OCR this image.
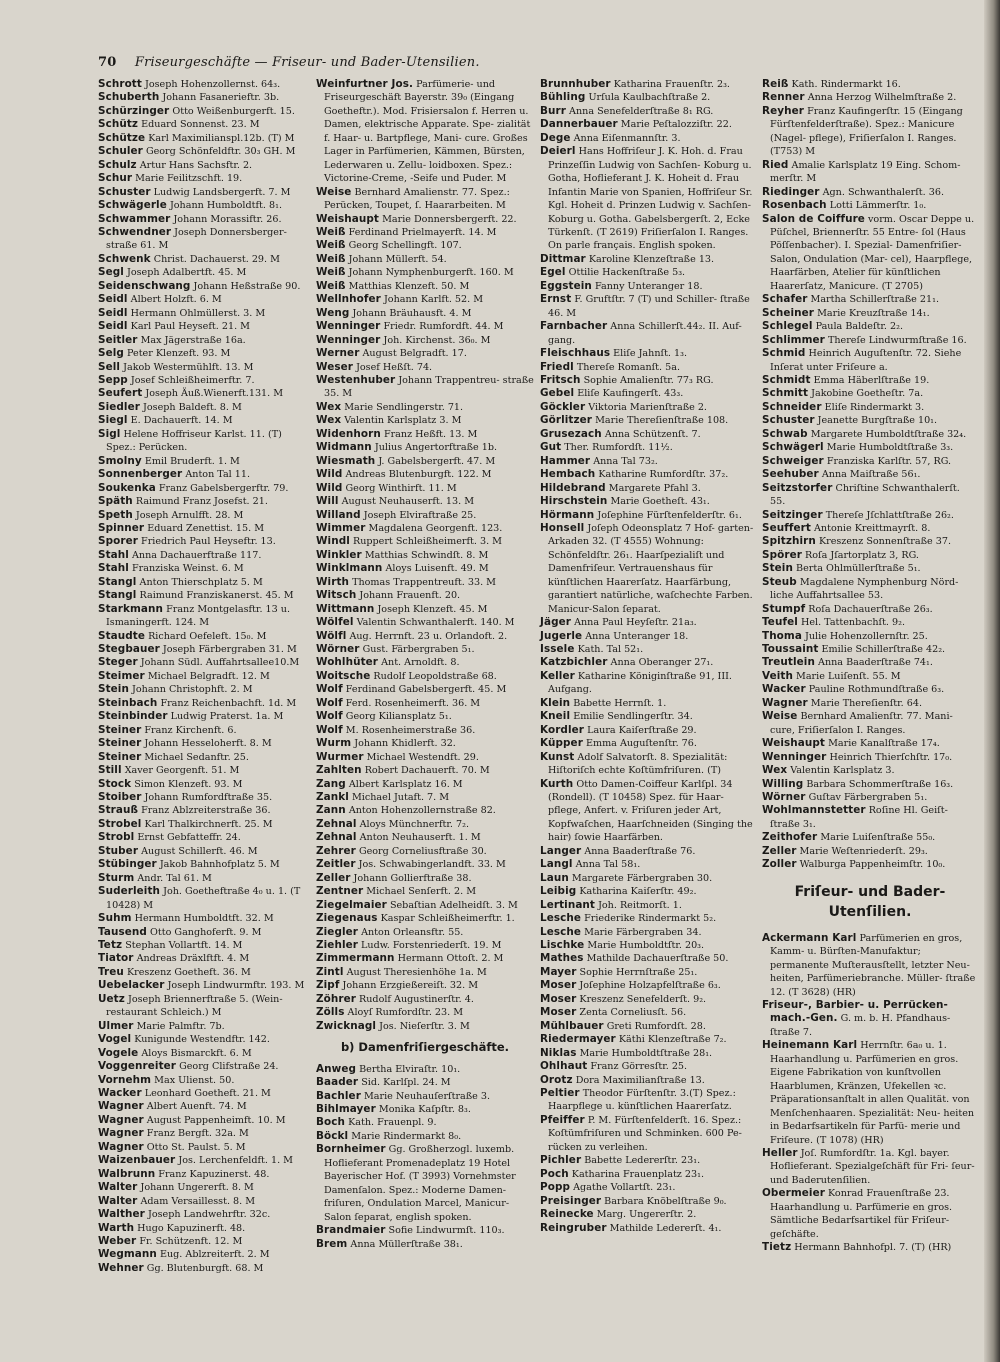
70 Friseurgeschäfte — Friseur- und Bader-Utensilien.

Schrott Joseph Hohenzollernst. 64₃.

Schuberth Johann Fasanerieftr. 3b.

Schürzinger Otto Weißenburgerft. 15.

Schütz Eduard Sonnenst. 23. M

Schütze Karl Maximilianspl.12b. (T) M

Schuler Georg Schönfeldftr. 30₃ GH. M

Schulz Artur Hans Sachsftr. 2.

Schur Marie Feilitzschft. 19.

Schuster Ludwig Landsbergerft. 7. M

Schwägerle Johann Humboldtft. 8₁.

Schwammer Johann Morassiftr. 26.

Schwendner Joseph Donnersberger- straße 61. M

Schwenk Christ. Dachauerst. 29. M

Segl Joseph Adalbertft. 45. M

Seidenschwang Johann Heßstraße 90.

Seidl Albert Holzft. 6. M

Seidl Hermann Ohlmüllerst. 3. M

Seidl Karl Paul Heyseft. 21. M

Seitler Max Jägerstraße 16a.

Selg Peter Klenzeft. 93. M

Sell Jakob Westermühlft. 13. M

Sepp Josef Schleißheimerftr. 7.

Seufert Joseph Äuß.Wienerft.131. M

Siedler Joseph Baldeft. 8. M

Siegl E. Dachauerft. 14. M

Sigl Helene Hoffriseur Karlst. 11. (T) Spez.: Perücken.

Smolny Emil Bruderft. 1. M

Sonnenberger Anton Tal 11.

Soukenka Franz Gabelsbergerftr. 79.

Späth Raimund Franz Josefst. 21.

Speth Joseph Arnulfft. 28. M

Spinner Eduard Zenettist. 15. M

Sporer Friedrich Paul Heyseftr. 13.

Stahl Anna Dachauerftraße 117.

Stahl Franziska Weinst. 6. M

Stangl Anton Thierschplatz 5. M

Stangl Raimund Franziskanerst. 45. M

Starkmann Franz Montgelasftr. 13 u. Ismaningerft. 124. M

Staudte Richard Oefeleft. 15₀. M

Stegbauer Joseph Färbergraben 31. M

Steger Johann Südl. Auffahrtsallee10.M

Steimer Michael Belgradft. 12. M

Stein Johann Christophft. 2. M

Steinbach Franz Reichenbachft. 1d. M

Steinbinder Ludwig Praterst. 1a. M

Steiner Franz Kirchenft. 6.

Steiner Johann Hesseloherft. 8. M

Steiner Michael Sedanftr. 25.

Still Xaver Georgenft. 51. M

Stock Simon Klenzeft. 93. M

Stoiber Johann Rumfordftraße 35.

Strauß Franz Ablzreiterstraße 36.

Strobel Karl Thalkirchnerft. 25. M

Strobl Ernst Gebfatteffr. 24.

Stuber August Schillerft. 46. M

Stübinger Jakob Bahnhofplatz 5. M

Sturm Andr. Tal 61. M

Suderleith Joh. Goetheftraße 4₀ u. 1. (T 10428) M

Suhm Hermann Humboldtft. 32. M

Tausend Otto Ganghoferft. 9. M

Tetz Stephan Vollartft. 14. M

Tiator Andreas Dräxlftft. 4. M

Treu Kreszenz Goetheft. 36. M

Uebelacker Joseph Lindwurmftr. 193. M

Uetz Joseph Briennerftraße 5. (Wein- restaurant Schleich.) M

Ulmer Marie Palmftr. 7b.

Vogel Kunigunde Westendftr. 142.

Vogele Aloys Bismarckft. 6. M

Voggenreiter Georg Clifstraße 24.

Vornehm Max Ulienst. 50.

Wacker Leonhard Goetheft. 21. M

Wagner Albert Auenft. 74. M

Wagner August Pappenheimft. 10. M

Wagner Franz Bergft. 32a. M

Wagner Otto St. Paulst. 5. M

Waizenbauer Jos. Lerchenfeldft. 1. M

Walbrunn Franz Kapuzinerst. 48.

Walter Johann Ungererft. 8. M

Walter Adam Versaillesst. 8. M

Walther Joseph Landwehrftr. 32c.

Warth Hugo Kapuzinerft. 48.

Weber Fr. Schützenft. 12. M

Wegmann Eug. Ablzreiterft. 2. M

Wehner Gg. Blutenburgft. 68. M

Weinfurtner Jos. Parfümerie- und Friseurgeschäft Bayerstr. 39₀ (Eingang Goetheftr.). Mod. Frisiersalon f. Herren u. Damen, elektrische Apparate. Spe- zialität f. Haar- u. Bartpflege, Mani- cure. Großes Lager in Parfümerien, Kämmen, Bürsten, Lederwaren u. Zellu- loidboxen. Spez.: Victorine-Creme, -Seife und Puder. M

Weise Bernhard Amalienstr. 77. Spez.: Perücken, Toupet, ſ. Haararbeiten. M

Weishaupt Marie Donnersbergerft. 22.

Weiß Ferdinand Prielmayerft. 14. M

Weiß Georg Schellingft. 107.

Weiß Johann Müllerft. 54.

Weiß Johann Nymphenburgerft. 160. M

Weiß Matthias Klenzeft. 50. M

Wellnhofer Johann Karlft. 52. M

Weng Johann Bräuhausft. 4. M

Wenninger Friedr. Rumfordft. 44. M

Wenninger Joh. Kirchenst. 36₀. M

Werner August Belgradft. 17.

Weser Josef Heßſt. 74.

Westenhuber Johann Trappentreu- straße 35. M

Wex Marie Sendlingerstr. 71.

Wex Valentin Karlsplatz 3. M

Widenhorn Franz Heßft. 13. M

Widmann Julius Angertorftraße 1b.

Wiesmath J. Gabelsbergerft. 47. M

Wild Andreas Blutenburgft. 122. M

Wild Georg Winthirft. 11. M

Will August Neuhauserft. 13. M

Willand Joseph Elviraftraße 25.

Wimmer Magdalena Georgenft. 123.

Windl Ruppert Schleißheimerft. 3. M

Winkler Matthias Schwindſt. 8. M

Winklmann Aloys Luisenft. 49. M

Wirth Thomas Trappentreuft. 33. M

Witsch Johann Frauenft. 20.

Wittmann Joseph Klenzeft. 45. M

Wölfel Valentin Schwanthalerft. 140. M

Wölfl Aug. Herrnft. 23 u. Orlandoft. 2.

Wörner Gust. Färbergraben 5₁.

Wohlhüter Ant. Arnoldft. 8.

Woitsche Rudolf Leopoldstraße 68.

Wolf Ferdinand Gabelsbergerft. 45. M

Wolf Ferd. Rosenheimerft. 36. M

Wolf Georg Kiliansplatz 5₁.

Wolf M. Rosenheimerstraße 36.

Wurm Johann Khidlerft. 32.

Wurmer Michael Westendft. 29.

Zahlten Robert Dachauerft. 70. M

Zang Albert Karlsplatz 16. M

Zankl Michael Jutaft. 7. M

Zann Anton Hohenzollernstraße 82.

Zehnal Aloys Münchnerftr. 7₂.

Zehnal Anton Neuhauserft. 1. M

Zehrer Georg Corneliusftraße 30.

Zeitler Jos. Schwabingerlandft. 33. M

Zeller Johann Gollierftraße 38.

Zentner Michael Senſerft. 2. M

Ziegelmaier Sebaſtian Adelheidſt. 3. M

Ziegenaus Kaspar Schleißheimerftr. 1.

Ziegler Anton Orleansftr. 55.

Ziehler Ludw. Forstenriederſt. 19. M

Zimmermann Hermann Ottoſt. 2. M

Zintl August Theresienhöhe 1a. M

Zipf Johann Erzgießereiſt. 32. M

Zöhrer Rudolf Augustinerſtr. 4.

Zölls Aloyſ Rumfordſtr. 23. M

Zwicknagl Jos. Nieſerſtr. 3. M

b) Damenfriſiergeschäfte.

Anweg Bertha Elviraſtr. 10₁.

Baader Sid. Karlſpl. 24. M

Bachler Marie Neuhauſerſtraße 3.

Bihlmayer Monika Kaſpſtr. 8₃.

Boch Kath. Frauenpl. 9.

Böckl Marie Rindermarkt 8₀.

Bornheimer Gg. Großherzogl. luxemb. Hoflieferant Promenadeplatz 19 Hotel Bayerischer Hof. (T 3993) Vornehmster Damenſalon. Spez.: Moderne Damen- friſuren, Ondulation Marcel, Manicur- Salon ſeparat, english spoken.

Brandmaier Sofie Lindwurmſt. 110₃.

Brem Anna Müllerſtraße 38₁.

Brunnhuber Katharina Frauenſtr. 2₃.

Bühling Urſula Kaulbachſtraße 2.

Burr Anna Senefelderſtraße 8₁ RG.

Dannerbauer Marie Peſtalozziſtr. 22.

Dege Anna Eiſenmannſtr. 3.

Deierl Hans Hoffriſeur J. K. Hoh. d. Frau Prinzeſſin Ludwig von Sachſen- Koburg u. Gotha, Hoflieferant J. K. Hoheit d. Frau Infantin Marie von Spanien, Hoffriſeur Sr. Kgl. Hoheit d. Prinzen Ludwig v. Sachſen-Koburg u. Gotha. Gabelsbergerſt. 2, Ecke Türkenſt. (T 2619) Friſierſalon I. Ranges. On parle français. English spoken.

Dittmar Karoline Klenzeſtraße 13.

Egel Ottilie Hackenſtraße 5₃.

Eggstein Fanny Unteranger 18.

Ernst F. Gruftſtr. 7 (T) und Schiller- ſtraße 46. M

Farnbacher Anna Schillerſt.44₂. II. Auf- gang.

Fleischhaus Eliſe Jahnſt. 1₃.

Friedl Thereſe Romanſt. 5a.

Fritsch Sophie Amalienſtr. 77₃ RG.

Gebel Eliſe Kaufingerſt. 43₃.

Göckler Viktoria Marienſtraße 2.

Görlitzer Marie Thereſienſtraße 108.

Grusezach Anna Schützenſt. 7.

Gut Ther. Rumfordſt. 11½.

Hammer Anna Tal 73₂.

Hembach Katharine Rumfordſtr. 37₂.

Hildebrand Margarete Pfahl 3.

Hirschstein Marie Goetheſt. 43₁.

Hörmann Joſephine Fürſtenfelderſtr. 6₁.

Honsell Joſeph Odeonsplatz 7 Hof- garten-Arkaden 32. (T 4555) Wohnung: Schönfeldſtr. 26₁. Haarſpezialiſt und Damenfriſeur. Vertrauenshaus für künſtlichen Haarerſatz. Haarfärbung, garantiert natürliche, waſchechte Farben. Manicur-Salon ſeparat.

Jäger Anna Paul Heyſeſtr. 21a₃.

Jugerle Anna Unteranger 18.

Issele Kath. Tal 52₁.

Katzbichler Anna Oberanger 27₁.

Keller Katharine Königinſtraße 91, III. Aufgang.

Klein Babette Herrnſt. 1.

Kneil Emilie Sendlingerſtr. 34.

Kordler Laura Kaiſerſtraße 29.

Küpper Emma Auguſtenſtr. 76.

Kunst Adolf Salvatorſt. 8. Spezialität: Hiſtoriſch echte Koſtümfriſuren. (T)

Kurth Otto Damen-Coiffeur Karlſpl. 34 (Rondell). (T 10458) Spez. für Haar- pflege, Anfert. v. Friſuren jeder Art, Kopfwaſchen, Haarſchneiden (Singing the hair) ſowie Haarfärben.

Langer Anna Baaderſtraße 76.

Langl Anna Tal 58₁.

Laun Margarete Färbergraben 30.

Leibig Katharina Kaiſerſtr. 49₂.

Lertinant Joh. Reitmorſt. 1.

Lesche Friederike Rindermarkt 5₂.

Lesche Marie Färbergraben 34.

Lischke Marie Humboldtſtr. 20₃.

Mathes Mathilde Dachauerſtraße 50.

Mayer Sophie Herrnſtraße 25₁.

Moser Joſephine Holzapfelſtraße 6₃.

Moser Kreszenz Senefelderſt. 9₂.

Moser Zenta Corneliusſt. 56.

Mühlbauer Greti Rumfordſt. 28.

Riedermayer Käthi Klenzeſtraße 7₂.

Niklas Marie Humboldtſtraße 28₁.

Ohlhaut Franz Görresſtr. 25.

Orotz Dora Maximilianſtraße 13.

Peltier Theodor Fürſtenſtr. 3.(T) Spez.: Haarpflege u. künſtlichen Haarerſatz.

Pfeiffer P. M. Fürſtenfelderſt. 16. Spez.: Koſtümfriſuren und Schminken. 600 Pe- rücken zu verleihen.

Pichler Babette Ledererſtr. 23₁.

Poch Katharina Frauenplatz 23₁.

Popp Agathe Vollartſt. 23₁.

Preisinger Barbara Knöbelſtraße 9₀.

Reinecke Marg. Ungererſtr. 2.

Reingruber Mathilde Ledererſt. 4₁.

Reiß Kath. Rindermarkt 16.

Renner Anna Herzog Wilhelmſtraße 2.

Reyher Franz Kaufingerſtr. 15 (Eingang Fürſtenfelderſtraße). Spez.: Manicure (Nagel- pflege), Friſierſalon I. Ranges.(T753) M

Ried Amalie Karlsplatz 19 Eing. Schom- merſtr. M

Riedinger Agn. Schwanthalerſt. 36.

Rosenbach Lotti Lämmerſtr. 1₀.

Salon de Coiffure vorm. Oscar Deppe u. Püſchel, Briennerſtr. 55 Entre- ſol (Haus Pöſſenbacher). I. Spezial- Damenfriſier-Salon, Ondulation (Mar- cel), Haarpflege, Haarfärben, Atelier für künſtlichen Haarerſatz, Manicure. (T 2705)

Schafer Martha Schillerſtraße 21₁.

Scheiner Marie Kreuzſtraße 14₁.

Schlegel Paula Baldeſtr. 2₂.

Schlimmer Thereſe Lindwurmſtraße 16.

Schmid Heinrich Auguſtenſtr. 72. Siehe Inſerat unter Friſeure a.

Schmidt Emma Häberlſtraße 19.

Schmitt Jakobine Goetheſtr. 7a.

Schneider Eliſe Rindermarkt 3.

Schuster Jeanette Burgſtraße 10₁.

Schwab Margarete Humboldtſtraße 32₄.

Schwägerl Marie Humboldtſtraße 3₃.

Schweiger Franziska Karlſtr. 57, RG.

Seehuber Anna Maiſtraße 56₁.

Seitzstorfer Chriſtine Schwanthalerſt. 55.

Seitzinger Thereſe Jſchlattſtraße 26₂.

Seuffert Antonie Kreittmayrſt. 8.

Spitzhirn Kreszenz Sonnenſtraße 37.

Spörer Roſa Jſartorplatz 3, RG.

Stein Berta Ohlmüllerſtraße 5₁.

Steub Magdalene Nymphenburg Nörd- liche Auffahrtsallee 53.

Stumpf Roſa Dachauerſtraße 26₃.

Teufel Hel. Tattenbachſt. 9₂.

Thoma Julie Hohenzollernſtr. 25.

Toussaint Emilie Schillerſtraße 42₂.

Treutlein Anna Baaderſtraße 74₁.

Veith Marie Luiſenſt. 55. M

Wacker Pauline Rothmundſtraße 6₃.

Wagner Marie Thereſienſtr. 64.

Weise Bernhard Amalienſtr. 77. Mani- cure, Friſierſalon I. Ranges.

Weishaupt Marie Kanalſtraße 17₄.

Wenninger Heinrich Thierſchſtr. 17₀.

Wex Valentin Karlsplatz 3.

Willing Barbara Schommerſtraße 16₃.

Wörner Guſtav Färbergraben 5₁.

Wohlmannstetter Roſine Hl. Geiſt- ſtraße 3₁.

Zeithofer Marie Luiſenſtraße 55₀.

Zeller Marie Weſtenriederſt. 29₃.

Zoller Walburga Pappenheimſtr. 10₀.

Friſeur- und Bader- Utenſilien.

Ackermann Karl Parfümerien en gros, Kamm- u. Bürſten-Manufaktur; permanente Muſterausſtellt, letzter Neu- heiten, Parfümeriebranche. Müller- ſtraße 12. (T 3628) (HR)

Friseur-, Barbier- u. Perrücken- mach.-Gen. G. m. b. H. Pfandhaus- ſtraße 7.

Heinemann Karl Herrnſtr. 6a₀ u. 1. Haarhandlung u. Parfümerien en gros. Eigene Fabrikation von kunſtvollen Haarblumen, Kränzen, Ufekellen ꝛc. Präparationsanſtalt in allen Qualität. von Menſchenhaaren. Spezialität: Neu- heiten in Bedarfsartikeln für Parfü- merie und Friſeure. (T 1078) (HR)

Heller Joſ. Rumfordſtr. 1a. Kgl. bayer. Hoflieferant. Spezialgeſchäft für Fri- ſeur- und Baderutenſilien.

Obermeier Konrad Frauenſtraße 23. Haarhandlung u. Parfümerie en gros. Sämtliche Bedarfsartikel für Friſeur- geſchäfte.

Tietz Hermann Bahnhofpl. 7. (T) (HR)
